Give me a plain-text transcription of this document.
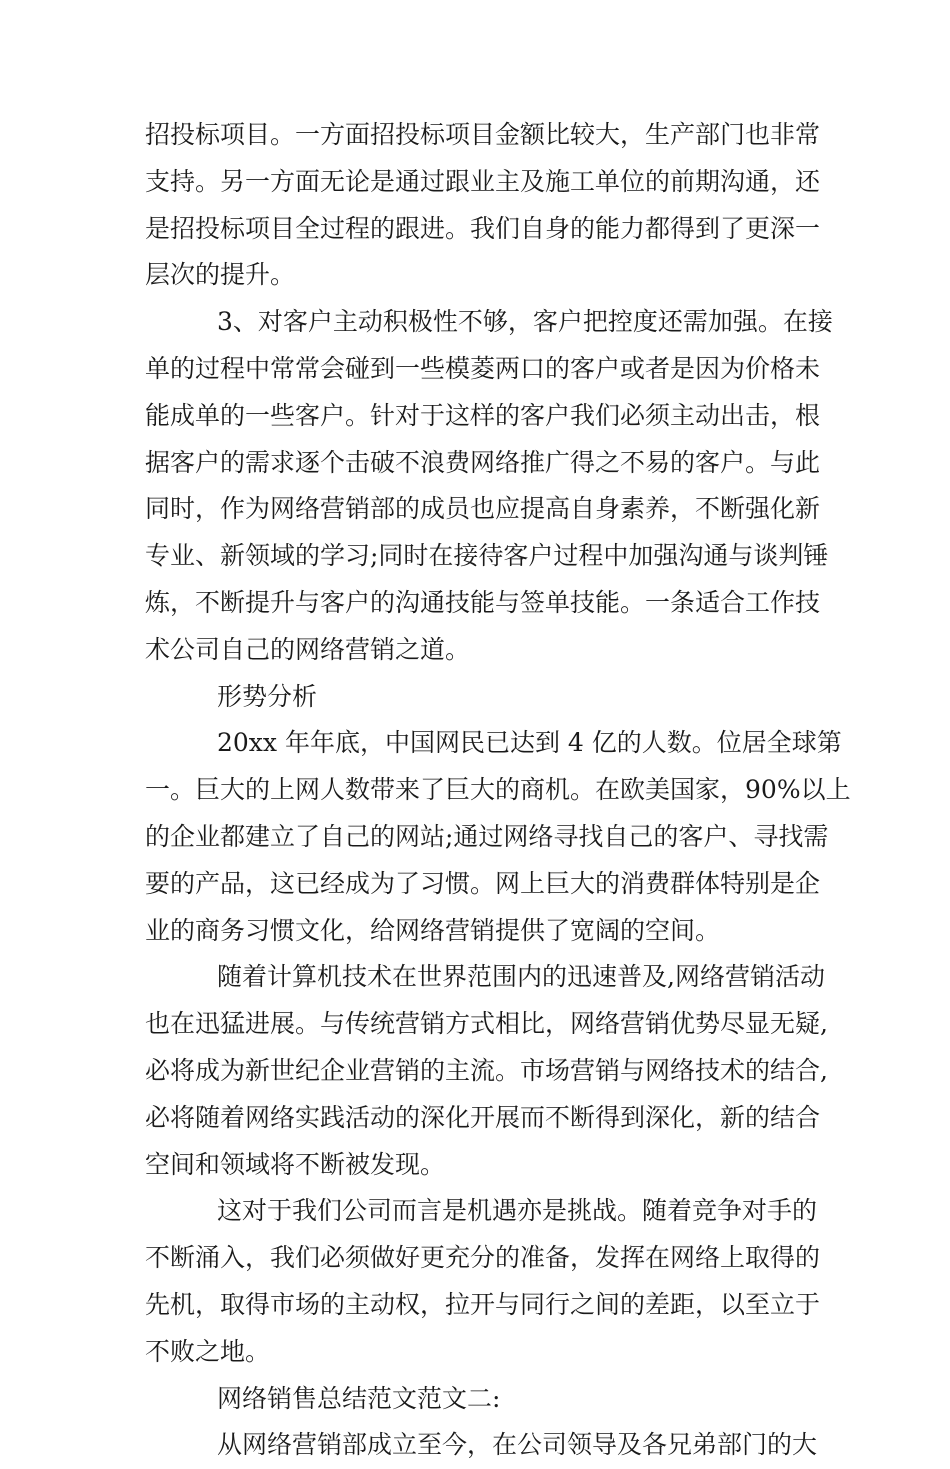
招投标项目。一方面招投标项目金额比较大，生产部门也非常
支持。另一方面无论是通过跟业主及施工单位的前期沟通，还
是招投标项目全过程的跟进。我们自身的能力都得到了更深一
层次的提升。
3、对客户主动积极性不够，客户把控度还需加强。在接
单的过程中常常会碰到一些模菱两口的客户或者是因为价格未
能成单的一些客户。针对于这样的客户我们必须主动出击，根
据客户的需求逐个击破不浪费网络推广得之不易的客户。与此
同时，作为网络营销部的成员也应提高自身素养，不断强化新
专业、新领域的学习;同时在接待客户过程中加强沟通与谈判锤
炼，不断提升与客户的沟通技能与签单技能。一条适合工作技
术公司自己的网络营销之道。
形势分析
20xx 年年底，中国网民已达到 4 亿的人数。位居全球第
一。巨大的上网人数带来了巨大的商机。在欧美国家，90%以上
的企业都建立了自己的网站;通过网络寻找自己的客户、寻找需
要的产品，这已经成为了习惯。网上巨大的消费群体特别是企
业的商务习惯文化，给网络营销提供了宽阔的空间。
随着计算机技术在世界范围内的迅速普及,网络营销活动
也在迅猛进展。与传统营销方式相比，网络营销优势尽显无疑,
必将成为新世纪企业营销的主流。市场营销与网络技术的结合,
必将随着网络实践活动的深化开展而不断得到深化，新的结合
空间和领域将不断被发现。
这对于我们公司而言是机遇亦是挑战。随着竞争对手的
不断涌入，我们必须做好更充分的准备，发挥在网络上取得的
先机，取得市场的主动权，拉开与同行之间的差距，以至立于
不败之地。
网络销售总结范文范文二:
从网络营销部成立至今，在公司领导及各兄弟部门的大
